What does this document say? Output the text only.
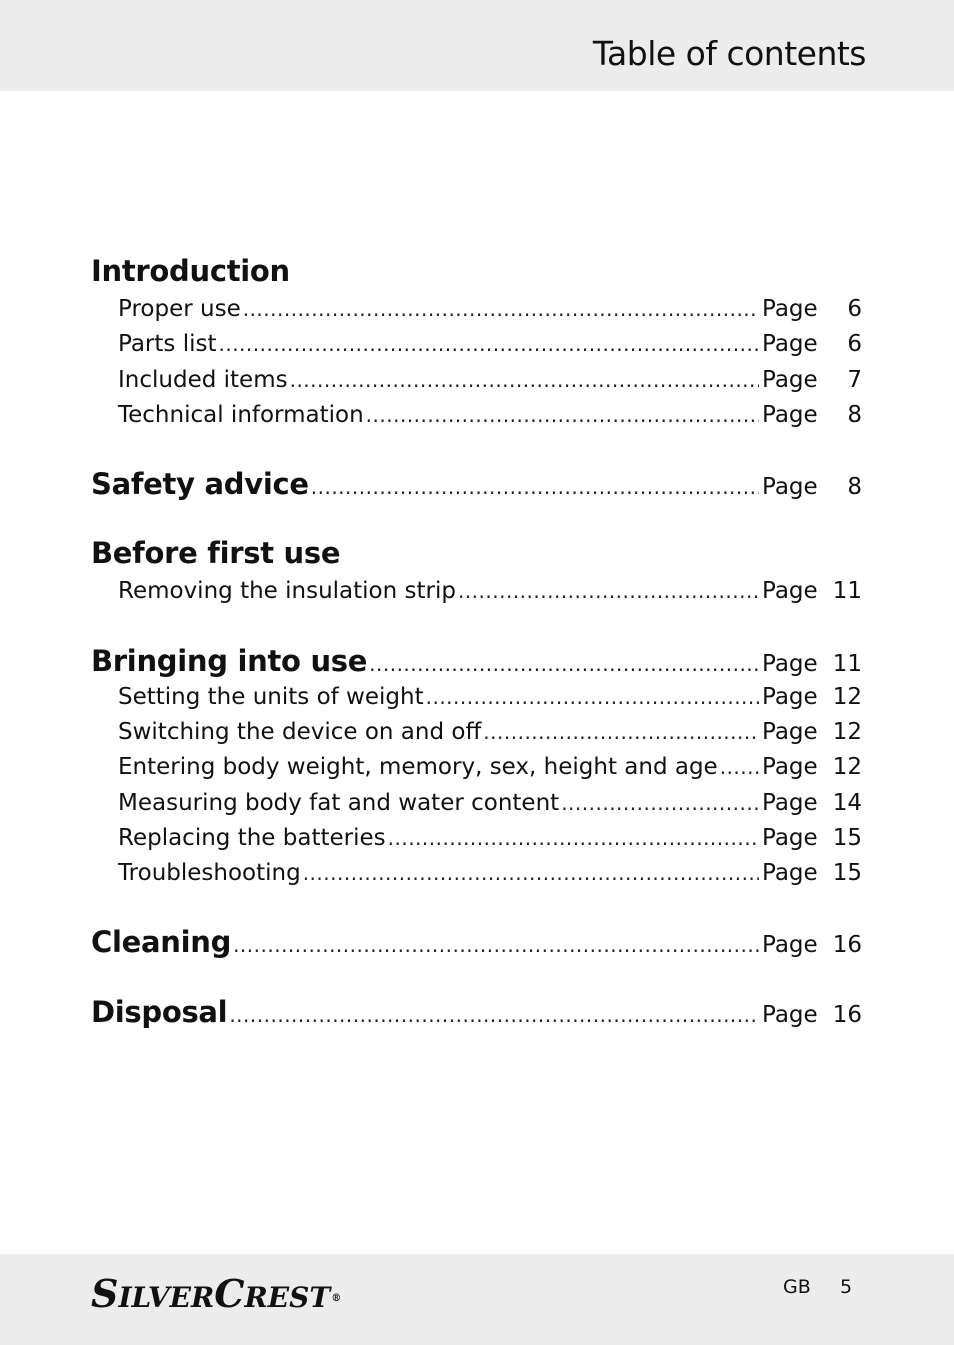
Table of contents
Introduction
Proper use .....	Page	6
Parts list .....	Page	6
Included items .....	Page	7
Technical information .....	Page	8
Safety advice .....	Page	8
Before first use
Removing the insulation strip .....	Page 11
Bringing into use .....	Page 11
Setting the units of weight .....	Page 12
Switching the device on and off .....	Page 12
Entering body weight, memory, sex, height and age ..... Page 12
Measuring body fat and water content .....	Page 14
Replacing the batteries .....	Page 15
Troubleshooting .....	Page 15
Cleaning .....	Page 16
Disposal .....	Page 16
SILVERCREST®
GB 5
